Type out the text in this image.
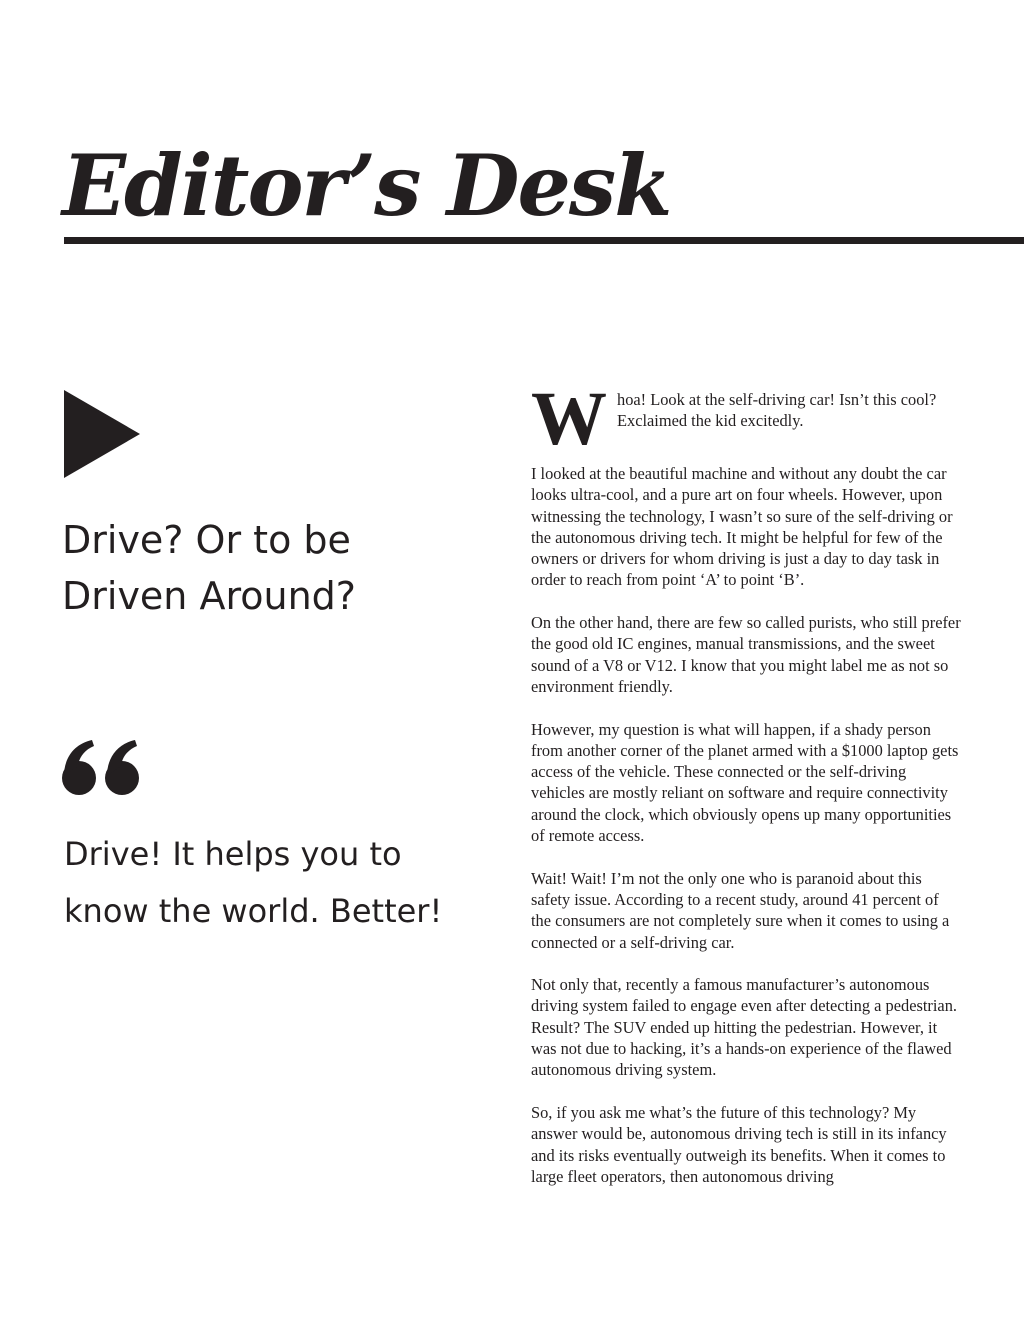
Editor’s Desk
Drive? Or to be Driven Around?

Drive! It helps you to know the world. Better!

W hoa! Look at the self-driving car! Isn’t this cool? Exclaimed the kid excitedly.

I looked at the beautiful machine and without any doubt the car looks ultra-cool, and a pure art on four wheels. However, upon witnessing the technology, I wasn’t so sure of the self-driving or the autonomous driving tech. It might be helpful for few of the owners or drivers for whom driving is just a day to day task in order to reach from point ‘A’ to point ‘B’.

On the other hand, there are few so called purists, who still prefer the good old IC engines, manual transmissions, and the sweet sound of a V8 or V12. I know that you might label me as not so environment friendly.

However, my question is what will happen, if a shady person from another corner of the planet armed with a $1000 laptop gets access of the vehicle. These connected or the self-driving vehicles are mostly reliant on software and require connectivity around the clock, which obviously opens up many opportunities of remote access.

Wait! Wait! I’m not the only one who is paranoid about this safety issue. According to a recent study, around 41 percent of the consumers are not completely sure when it comes to using a connected or a self-driving car.

Not only that, recently a famous manufacturer’s autonomous driving system failed to engage even after detecting a pedestrian. Result? The SUV ended up hitting the pedestrian. However, it was not due to hacking, it’s a hands-on experience of the flawed autonomous driving system.

So, if you ask me what’s the future of this technology? My answer would be, autonomous driving tech is still in its infancy and its risks eventually outweigh its benefits. When it comes to large fleet operators, then autonomous driving
